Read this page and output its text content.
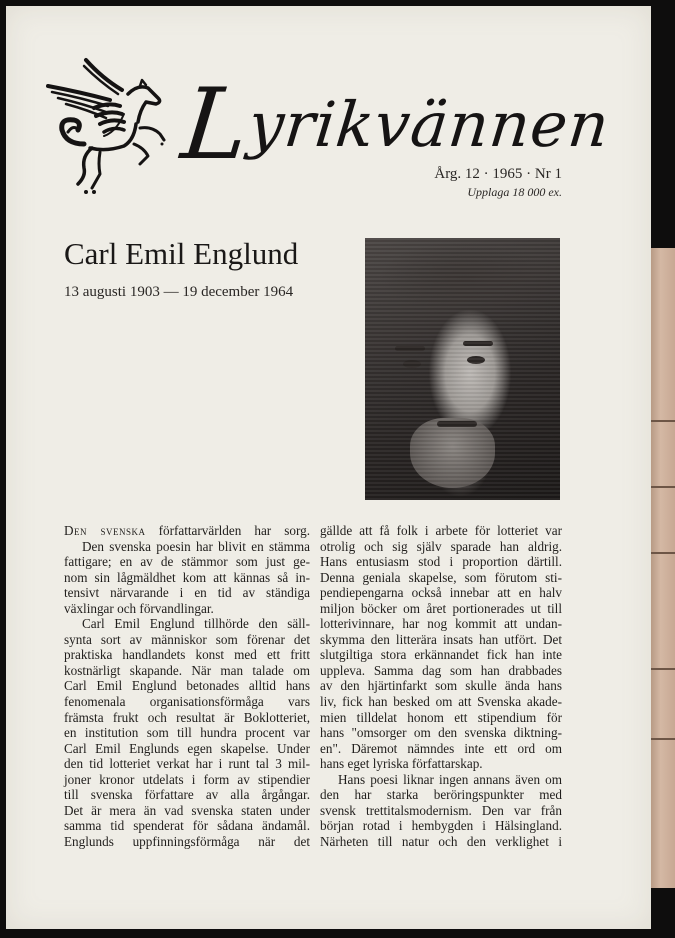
Lyrikvännen
Årg. 12 · 1965 · Nr 1
Upplaga 18 000 ex.
Carl Emil Englund
13 augusti 1903 — 19 december 1964
Den svenska författarvärlden har sorg.
Den svenska poesin har blivit en stämma
fattigare; en av de stämmor som just ge-
nom sin lågmäldhet kom att kännas så in-
tensivt närvarande i en tid av ständiga
växlingar och förvandlingar.
Carl Emil Englund tillhörde den säll-
synta sort av människor som förenar det
praktiska handlandets konst med ett fritt
kostnärligt skapande. När man talade om
Carl Emil Englund betonades alltid hans
fenomenala organisationsförmåga vars
främsta frukt och resultat är Boklotteriet,
en institution som till hundra procent var
Carl Emil Englunds egen skapelse. Under
den tid lotteriet verkat har i runt tal 3 mil-
joner kronor utdelats i form av stipendier
till svenska författare av alla årgångar.
Det är mera än vad svenska staten under
samma tid spenderat för sådana ändamål.
Englunds uppfinningsförmåga när det
gällde att få folk i arbete för lotteriet var
otrolig och sig själv sparade han aldrig.
Hans entusiasm stod i proportion därtill.
Denna geniala skapelse, som förutom sti-
pendiepengarna också innebar att en halv
miljon böcker om året portionerades ut till
lotterivinnare, har nog kommit att undan-
skymma den litterära insats han utfört. Det
slutgiltiga stora erkännandet fick han inte
uppleva. Samma dag som han drabbades
av den hjärtinfarkt som skulle ända hans
liv, fick han besked om att Svenska akade-
mien tilldelat honom ett stipendium för
hans "omsorger om den svenska diktning-
en". Däremot nämndes inte ett ord om
hans eget lyriska författarskap.
Hans poesi liknar ingen annans även om
den har starka beröringspunkter med
svensk trettitalsmodernism. Den var från
början rotad i hembygden i Hälsingland.
Närheten till natur och den verklighet i
